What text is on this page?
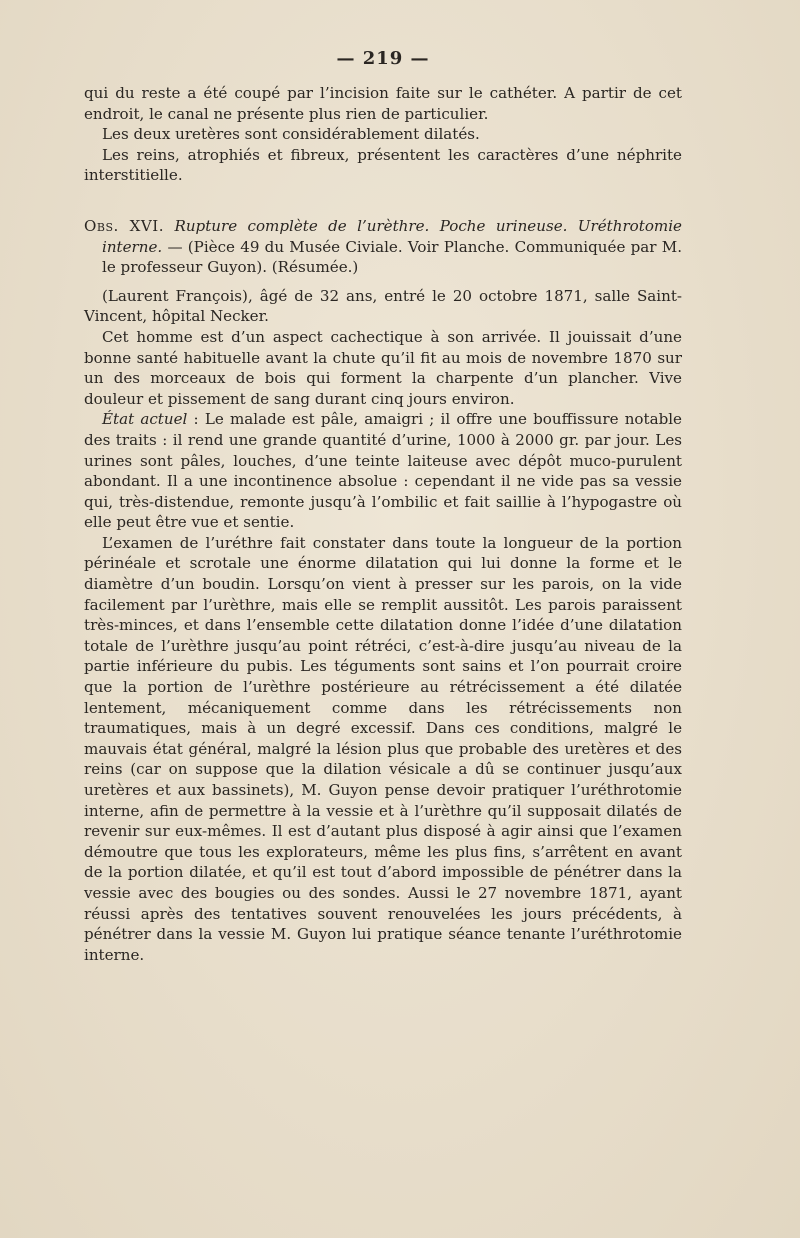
— 219 —

qui du reste a été coupé par l’incision faite sur le cathéter. A partir de cet endroit, le canal ne présente plus rien de particulier.

Les deux uretères sont considérablement dilatés.

Les reins, atrophiés et fibreux, présentent les caractères d’une néphrite interstitielle.

Obs. XVI. Rupture complète de l’urèthre. Poche urineuse. Uréthrotomie interne. — (Pièce 49 du Musée Civiale. Voir Planche. Communiquée par M. le professeur Guyon). (Résumée.)

(Laurent François), âgé de 32 ans, entré le 20 octobre 1871, salle Saint-Vincent, hôpital Necker.

Cet homme est d’un aspect cachectique à son arrivée. Il jouissait d’une bonne santé habituelle avant la chute qu’il fit au mois de novembre 1870 sur un des morceaux de bois qui forment la charpente d’un plancher. Vive douleur et pissement de sang durant cinq jours environ.

État actuel : Le malade est pâle, amaigri ; il offre une bouffissure notable des traits : il rend une grande quantité d’urine, 1000 à 2000 gr. par jour. Les urines sont pâles, louches, d’une teinte laiteuse avec dépôt muco-purulent abondant. Il a une incontinence absolue : cependant il ne vide pas sa vessie qui, très-distendue, remonte jusqu’à l’ombilic et fait saillie à l’hypogastre où elle peut être vue et sentie.

L’examen de l’uréthre fait constater dans toute la longueur de la portion périnéale et scrotale une énorme dilatation qui lui donne la forme et le diamètre d’un boudin. Lorsqu’on vient à presser sur les parois, on la vide facilement par l’urèthre, mais elle se remplit aussitôt. Les parois paraissent très-minces, et dans l’ensemble cette dilatation donne l’idée d’une dilatation totale de l’urèthre jusqu’au point rétréci, c’est-à-dire jusqu’au niveau de la partie inférieure du pubis. Les téguments sont sains et l’on pourrait croire que la portion de l’urèthre postérieure au rétrécissement a été dilatée lentement, mécaniquement comme dans les rétrécissements non traumatiques, mais à un degré excessif. Dans ces conditions, malgré le mauvais état général, malgré la lésion plus que probable des uretères et des reins (car on suppose que la dilation vésicale a dû se continuer jusqu’aux uretères et aux bassinets), M. Guyon pense devoir pratiquer l’uréthrotomie interne, afin de permettre à la vessie et à l’urèthre qu’il supposait dilatés de revenir sur eux-mêmes. Il est d’autant plus disposé à agir ainsi que l’examen démoutre que tous les explorateurs, même les plus fins, s’arrêtent en avant de la portion dilatée, et qu’il est tout d’abord impossible de pénétrer dans la vessie avec des bougies ou des sondes. Aussi le 27 novembre 1871, ayant réussi après des tentatives souvent renouvelées les jours précédents, à pénétrer dans la vessie M. Guyon lui pratique séance tenante l’uréthrotomie interne.
